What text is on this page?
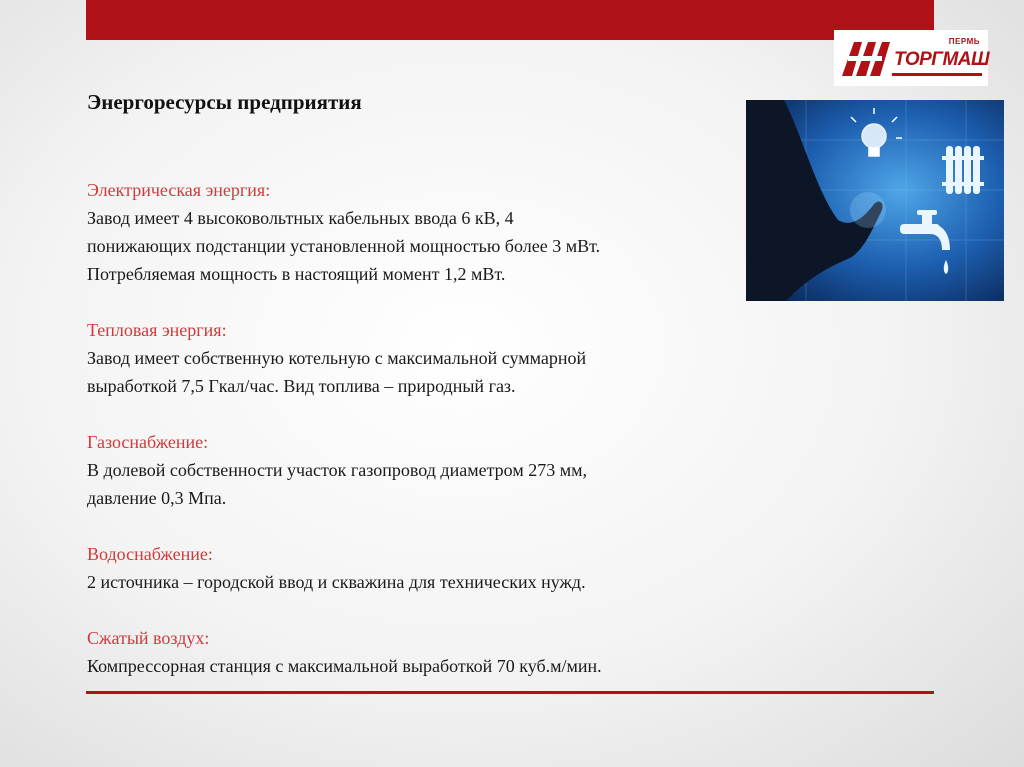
ПЕРМЬ
ТОРГМАШ
Энергоресурсы предприятия
Электрическая энергия:
Завод имеет 4 высоковольтных кабельных ввода 6 кВ, 4
понижающих подстанции установленной мощностью более 3 мВт.
Потребляемая мощность в настоящий момент 1,2 мВт.
Тепловая энергия:
Завод имеет собственную котельную с максимальной суммарной
выработкой 7,5 Гкал/час. Вид топлива – природный газ.
Газоснабжение:
В долевой собственности участок газопровод диаметром 273 мм,
давление 0,3 Мпа.
Водоснабжение:
2 источника – городской ввод и скважина для технических нужд.
Сжатый воздух:
Компрессорная станция с максимальной выработкой 70 куб.м/мин.
